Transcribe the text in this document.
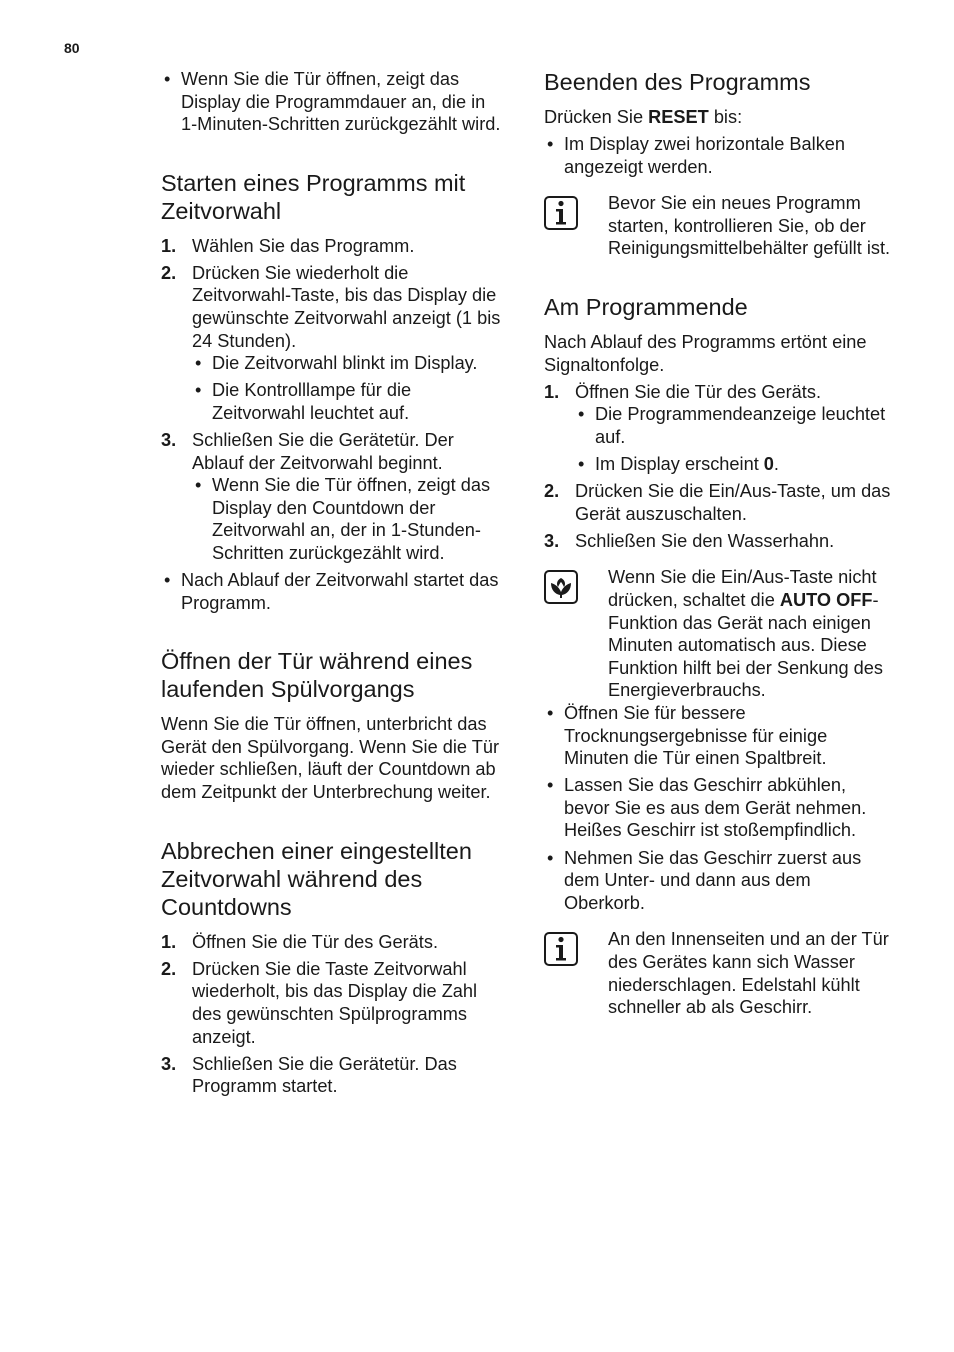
80
• Wenn Sie die Tür öffnen, zeigt das Display die Programmdauer an, die in 1-Minuten-Schritten zurückgezählt wird.
Starten eines Programms mit Zeitvorwahl
1. Wählen Sie das Programm.
2. Drücken Sie wiederholt die Zeitvorwahl-Taste, bis das Display die gewünschte Zeitvorwahl anzeigt (1 bis 24 Stunden).
• Die Zeitvorwahl blinkt im Display.
• Die Kontrolllampe für die Zeitvorwahl leuchtet auf.
3. Schließen Sie die Gerätetür. Der Ablauf der Zeitvorwahl beginnt.
• Wenn Sie die Tür öffnen, zeigt das Display den Countdown der Zeitvorwahl an, der in 1-Stunden-Schritten zurückgezählt wird.
• Nach Ablauf der Zeitvorwahl startet das Programm.
Öffnen der Tür während eines laufenden Spülvorgangs

Wenn Sie die Tür öffnen, unterbricht das Gerät den Spülvorgang. Wenn Sie die Tür wieder schließen, läuft der Countdown ab dem Zeitpunkt der Unterbrechung weiter.

Abbrechen einer eingestellten Zeitvorwahl während des Countdowns
1. Öffnen Sie die Tür des Geräts.
2. Drücken Sie die Taste Zeitvorwahl wiederholt, bis das Display die Zahl des gewünschten Spülprogramms anzeigt.
3. Schließen Sie die Gerätetür. Das Programm startet.
Beenden des Programms

Drücken Sie RESET bis:

• Im Display zwei horizontale Balken angezeigt werden.

Bevor Sie ein neues Programm starten, kontrollieren Sie, ob der Reinigungsmittelbehälter gefüllt ist.

Am Programmende

Nach Ablauf des Programms ertönt eine Signaltonfolge.

1. Öffnen Sie die Tür des Geräts.
• Die Programmendeanzeige leuchtet auf.
• Im Display erscheint 0.
2. Drücken Sie die Ein/Aus-Taste, um das Gerät auszuschalten.
3. Schließen Sie den Wasserhahn.

Wenn Sie die Ein/Aus-Taste nicht drücken, schaltet die AUTO OFF-Funktion das Gerät nach einigen Minuten automatisch aus. Diese Funktion hilft bei der Senkung des Energieverbrauchs.

• Öffnen Sie für bessere Trocknungsergebnisse für einige Minuten die Tür einen Spaltbreit.
• Lassen Sie das Geschirr abkühlen, bevor Sie es aus dem Gerät nehmen. Heißes Geschirr ist stoßempfindlich.
• Nehmen Sie das Geschirr zuerst aus dem Unter- und dann aus dem Oberkorb.

An den Innenseiten und an der Tür des Gerätes kann sich Wasser niederschlagen. Edelstahl kühlt schneller ab als Geschirr.
